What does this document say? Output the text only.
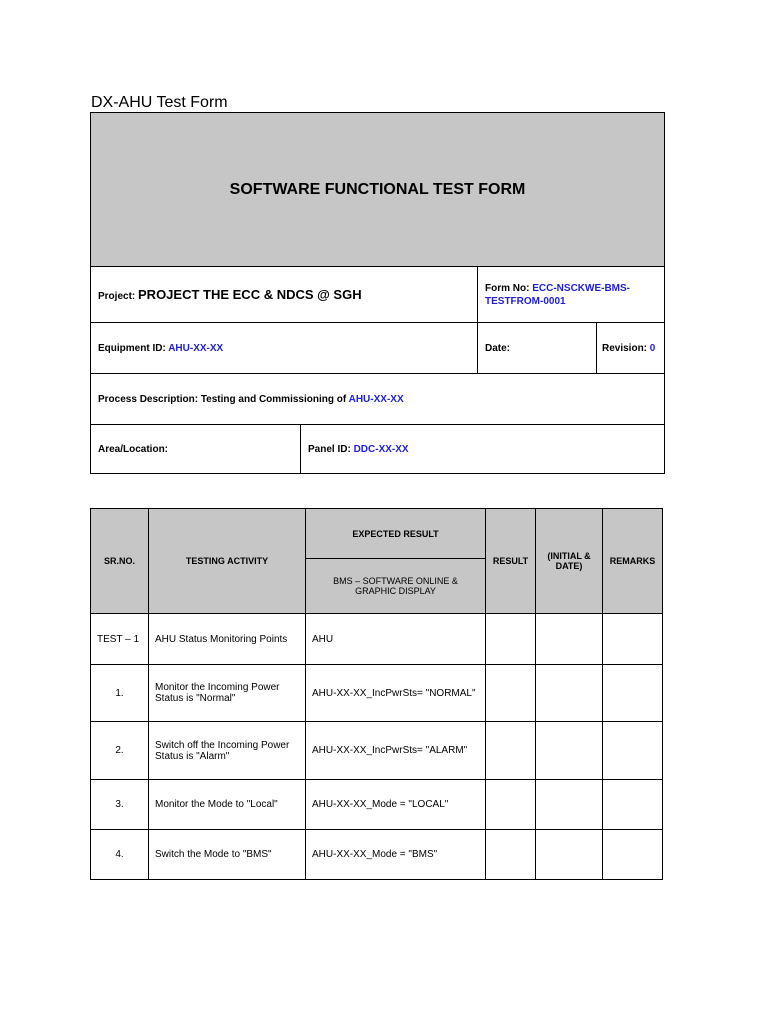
DX-AHU Test Form
SOFTWARE FUNCTIONAL TEST FORM			
Project: PROJECT THE ECC & NDCS @ SGH		Form No: ECC-NSCKWE-BMS-TESTFROM-0001	
Equipment ID: AHU-XX-XX		Date:	Revision: 0
Process Description: Testing and Commissioning of AHU-XX-XX			
Area/Location:	Panel ID: DDC-XX-XX		
SR.NO.	TESTING ACTIVITY	EXPECTED RESULT	RESULT	(INITIAL & DATE)	REMARKS
		BMS – SOFTWARE ONLINE & GRAPHIC DISPLAY			
TEST – 1	AHU Status Monitoring Points	AHU			
1.	Monitor the Incoming Power Status is "Normal"	AHU-XX-XX_IncPwrSts= "NORMAL"			
2.	Switch off the Incoming Power Status is "Alarm"	AHU-XX-XX_IncPwrSts= "ALARM"			
3.	Monitor the Mode to "Local"	AHU-XX-XX_Mode = "LOCAL"			
4.	Switch the Mode to "BMS"	AHU-XX-XX_Mode = "BMS"			
